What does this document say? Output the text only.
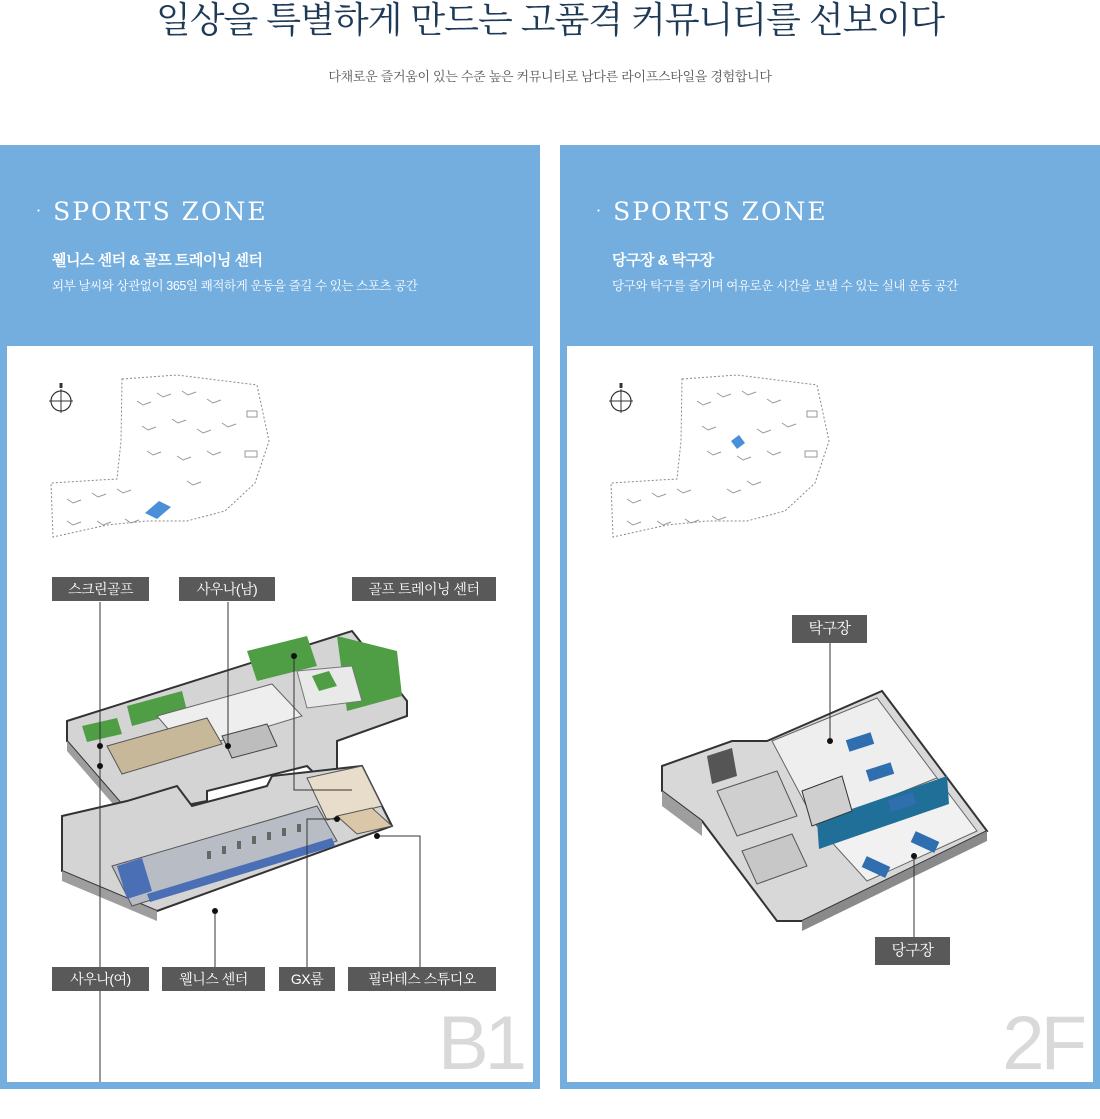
일상을 특별하게 만드는 고품격 커뮤니티를 선보이다

다채로운 즐거움이 있는 수준 높은 커뮤니티로 남다른 라이프스타일을 경험합니다

· SPORTS ZONE
웰니스 센터 & 골프 트레이닝 센터
외부 날씨와 상관없이 365일 쾌적하게 운동을 즐길 수 있는 스포츠 공간
스크린골프	사우나(남)	골프 트레이닝 센터
사우나(여)	웰니스 센터	GX룸	필라테스 스튜디오
B1
· SPORTS ZONE
당구장 & 탁구장
당구와 탁구를 즐기며 여유로운 시간을 보낼 수 있는 실내 운동 공간
탁구장
당구장
2F
